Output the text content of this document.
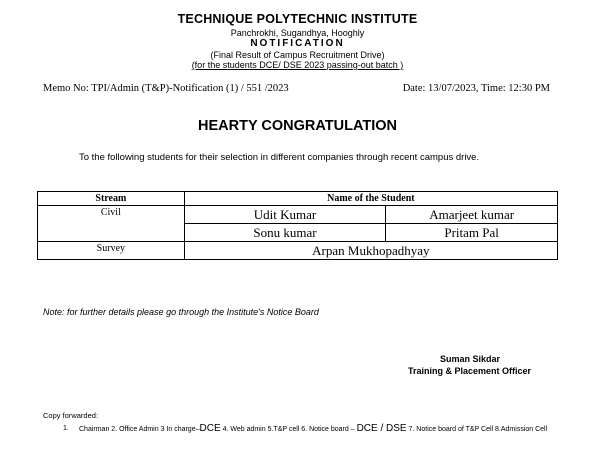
TECHNIQUE POLYTECHNIC INSTITUTE
Panchrokhi, Sugandhya, Hooghly
NOTIFICATION
(Final Result of Campus Recruitment Drive)
(for the students DCE/ DSE 2023 passing-out batch )
Memo No: TPI/Admin (T&P)-Notification (1) / 551 /2023	Date: 13/07/2023, Time: 12:30 PM
HEARTY CONGRATULATION
To the following students for their selection in different companies through recent campus drive.
Stream	Name of the Student	
Civil	Udit Kumar	Amarjeet kumar
	Sonu kumar	Pritam Pal
Survey	Arpan Mukhopadhyay	
Note: for further details please go through the Institute's Notice Board
Suman Sikdar
Training & Placement Officer
Copy forwarded:
1. Chairman 2. Office Admin 3 In charge–DCE 4. Web admin 5.T&P cell 6. Notice board – DCE / DSE 7. Notice board of T&P Cell 8.Admission Cell
